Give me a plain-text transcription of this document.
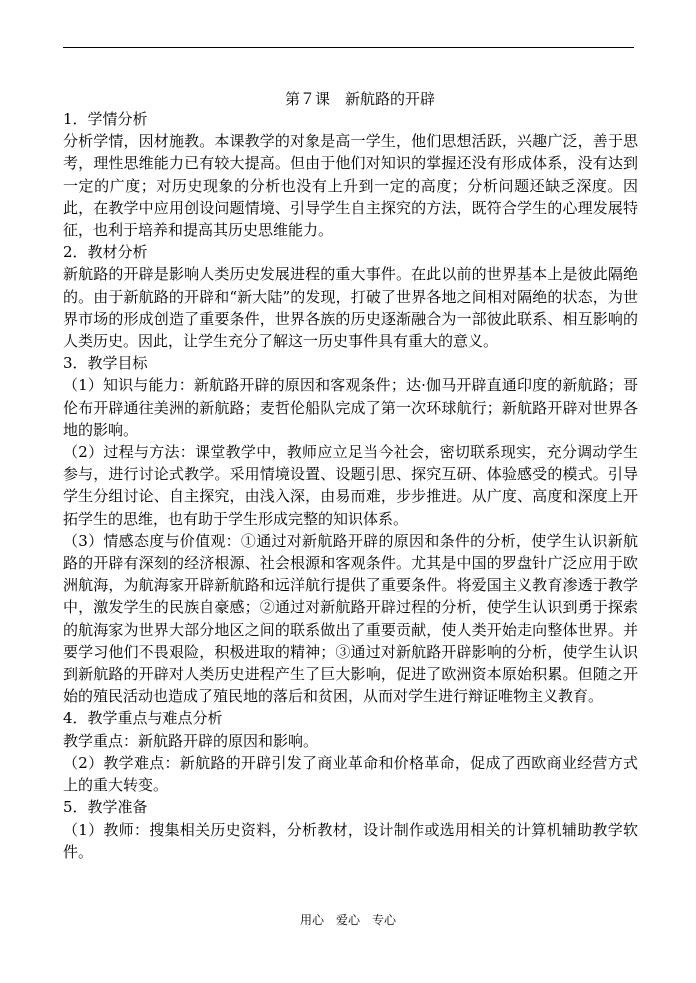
第７课　新航路的开辟

1．学情分析

分析学情，因材施教。本课教学的对象是高一学生，他们思想活跃，兴趣广泛，善于思考，理性思维能力已有较大提高。但由于他们对知识的掌握还没有形成体系，没有达到一定的广度；对历史现象的分析也没有上升到一定的高度；分析问题还缺乏深度。因此，在教学中应用创设问题情境、引导学生自主探究的方法，既符合学生的心理发展特征，也利于培养和提高其历史思维能力。

2．教材分析

新航路的开辟是影响人类历史发展进程的重大事件。在此以前的世界基本上是彼此隔绝的。由于新航路的开辟和“新大陆”的发现，打破了世界各地之间相对隔绝的状态，为世界市场的形成创造了重要条件，世界各族的历史逐渐融合为一部彼此联系、相互影响的人类历史。因此，让学生充分了解这一历史事件具有重大的意义。

3．教学目标

（1）知识与能力：新航路开辟的原因和客观条件；达·伽马开辟直通印度的新航路；哥伦布开辟通往美洲的新航路；麦哲伦船队完成了第一次环球航行；新航路开辟对世界各地的影响。

（2）过程与方法：课堂教学中，教师应立足当今社会，密切联系现实，充分调动学生参与，进行讨论式教学。采用情境设置、设题引思、探究互研、体验感受的模式。引导学生分组讨论、自主探究，由浅入深，由易而难，步步推进。从广度、高度和深度上开拓学生的思维，也有助于学生形成完整的知识体系。

（3）情感态度与价值观：①通过对新航路开辟的原因和条件的分析，使学生认识新航路的开辟有深刻的经济根源、社会根源和客观条件。尤其是中国的罗盘针广泛应用于欧洲航海，为航海家开辟新航路和远洋航行提供了重要条件。将爱国主义教育渗透于教学中，激发学生的民族自豪感；②通过对新航路开辟过程的分析，使学生认识到勇于探索的航海家为世界大部分地区之间的联系做出了重要贡献，使人类开始走向整体世界。并要学习他们不畏艰险，积极进取的精神；③通过对新航路开辟影响的分析，使学生认识到新航路的开辟对人类历史进程产生了巨大影响，促进了欧洲资本原始积累。但随之开始的殖民活动也造成了殖民地的落后和贫困，从而对学生进行辩证唯物主义教育。

4．教学重点与难点分析

教学重点：新航路开辟的原因和影响。

（2）教学难点：新航路的开辟引发了商业革命和价格革命，促成了西欧商业经营方式上的重大转变。

5．教学准备

（1）教师：搜集相关历史资料，分析教材，设计制作或选用相关的计算机辅助教学软件。

用心　爱心　专心
